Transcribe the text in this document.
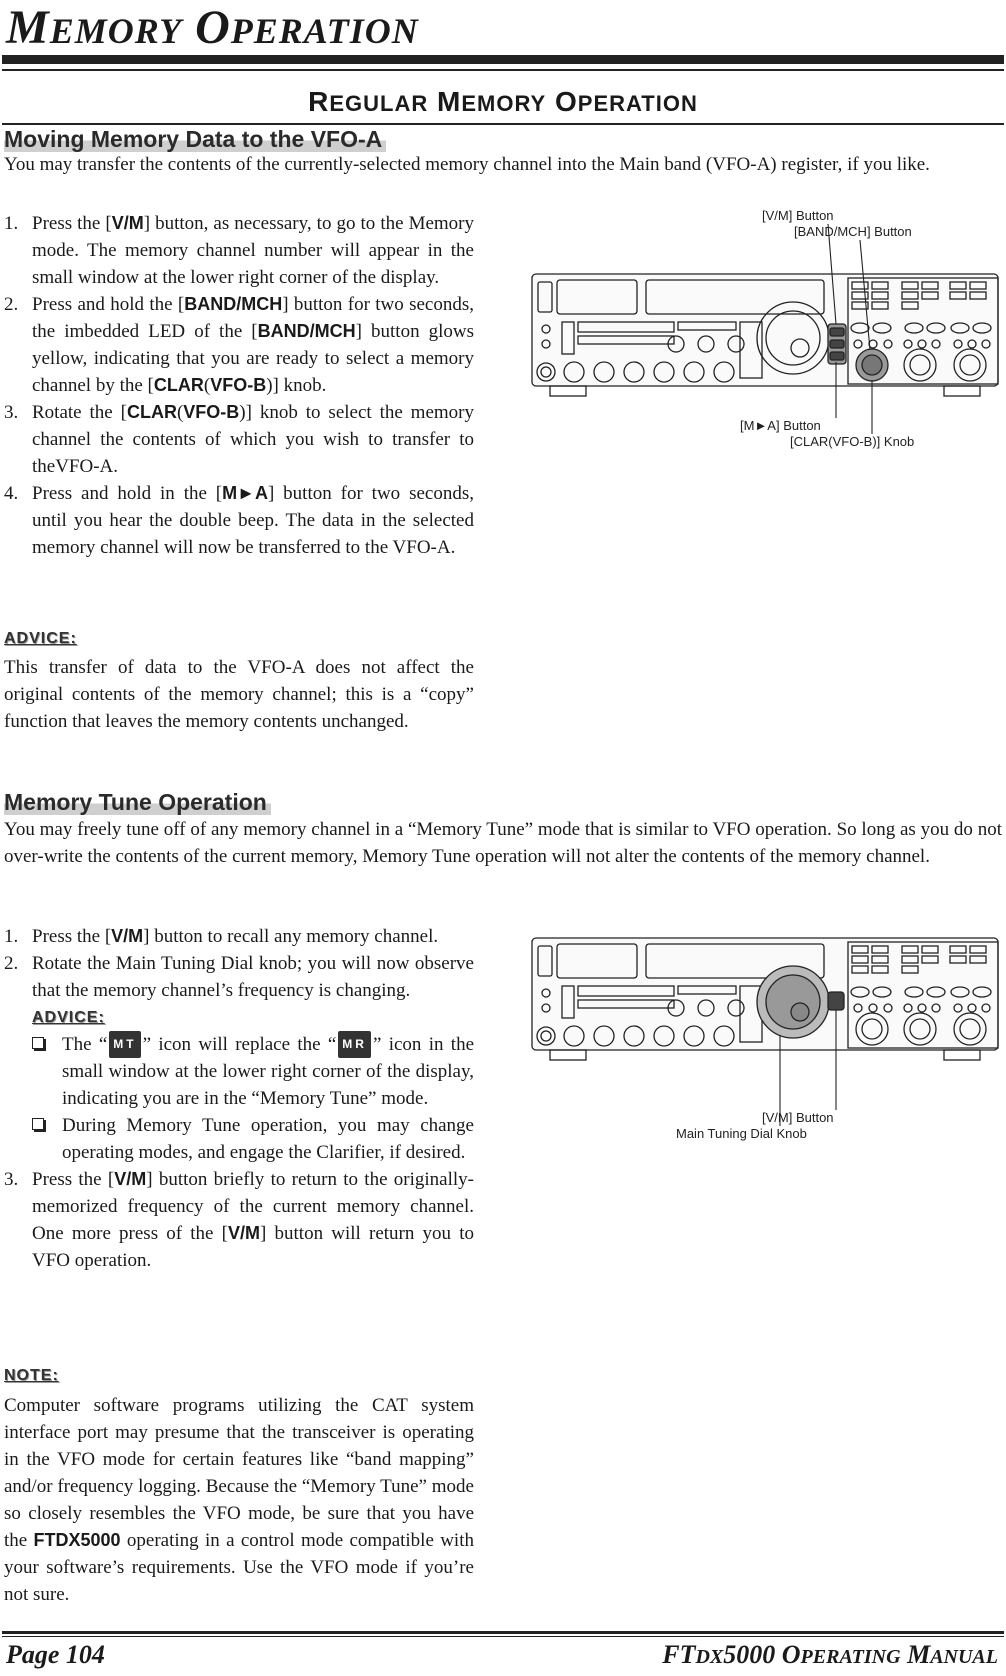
MEMORY OPERATION
REGULAR MEMORY OPERATION
Moving Memory Data to the VFO-A

You may transfer the contents of the currently-selected memory channel into the Main band (VFO-A) register, if you like.

1. Press the [V/M] button, as necessary, to go to the Memory mode. The memory channel number will appear in the small window at the lower right corner of the display.
2. Press and hold the [BAND/MCH] button for two seconds, the imbedded LED of the [BAND/MCH] button glows yellow, indicating that you are ready to select a memory channel by the [CLAR(VFO-B)] knob.
3. Rotate the [CLAR(VFO-B)] knob to select the memory channel the contents of which you wish to transfer to theVFO-A.
4. Press and hold in the [M►A] button for two seconds, until you hear the double beep. The data in the selected memory channel will now be transferred to the VFO-A.
ADVICE:

This transfer of data to the VFO-A does not affect the original contents of the memory channel; this is a “copy” function that leaves the memory contents unchanged.

[V/M] Button
[BAND/MCH] Button
[M►A] Button
[CLAR(VFO-B)] Knob
Memory Tune Operation

You may freely tune off of any memory channel in a “Memory Tune” mode that is similar to VFO operation. So long as you do not over-write the contents of the current memory, Memory Tune operation will not alter the contents of the memory channel.

1. Press the [V/M] button to recall any memory channel.
2. Rotate the Main Tuning Dial knob; you will now observe that the memory channel’s frequency is changing.
ADVICE:
The “ MT ” icon will replace the “ MR ” icon in the small window at the lower right corner of the display, indicating you are in the “Memory Tune” mode.
During Memory Tune operation, you may change operating modes, and engage the Clarifier, if desired.
3. Press the [V/M] button briefly to return to the originally-memorized frequency of the current memory channel. One more press of the [V/M] button will return you to VFO operation.
NOTE:

Computer software programs utilizing the CAT system interface port may presume that the transceiver is operating in the VFO mode for certain features like “band mapping” and/or frequency logging. Because the “Memory Tune” mode so closely resembles the VFO mode, be sure that you have the FTDX5000 operating in a control mode compatible with your software’s requirements. Use the VFO mode if you’re not sure.

[V/M] Button
Main Tuning Dial Knob
Page 104	FTDX5000 OPERATING MANUAL
